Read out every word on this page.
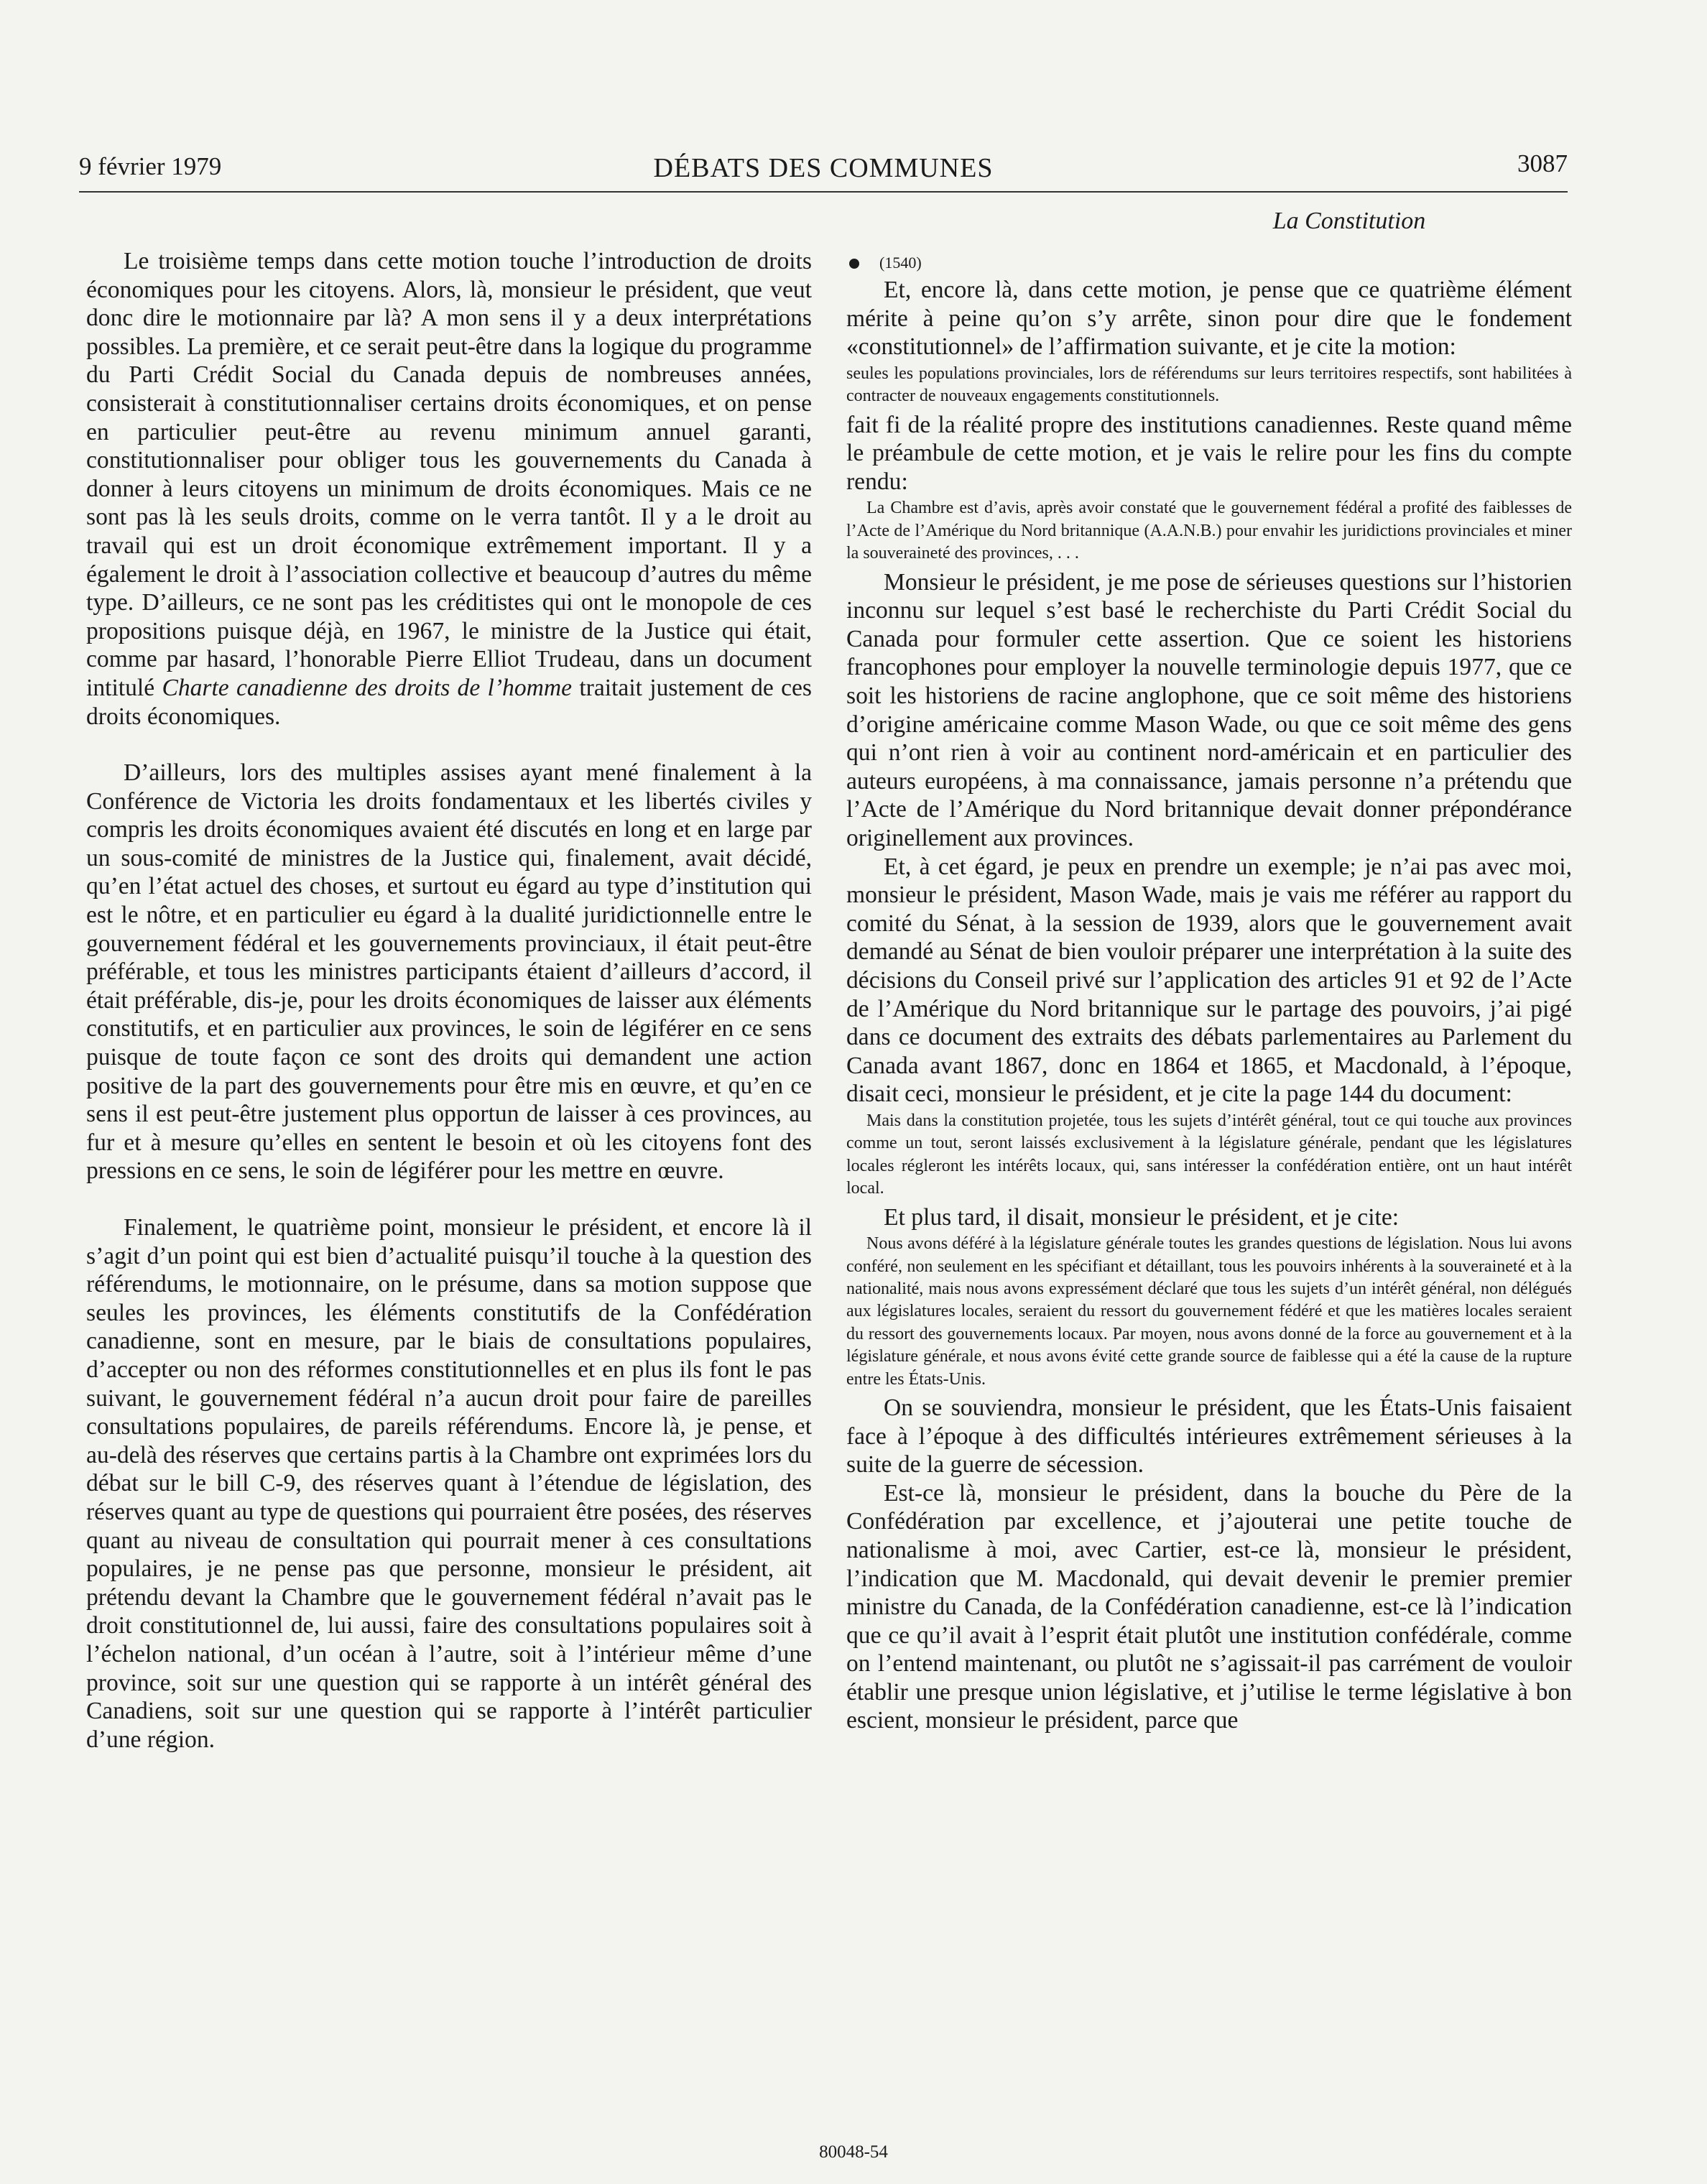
9 février 1979	DÉBATS DES COMMUNES	3087

Le troisième temps dans cette motion touche l’introduction de droits économiques pour les citoyens. Alors, là, monsieur le président, que veut donc dire le motionnaire par là? A mon sens il y a deux interprétations possibles. La première, et ce serait peut-être dans la logique du programme du Parti Crédit Social du Canada depuis de nombreuses années, consisterait à constitutionnaliser certains droits économiques, et on pense en particulier peut-être au revenu minimum annuel garanti, constitutionnaliser pour obliger tous les gouvernements du Canada à donner à leurs citoyens un minimum de droits économiques. Mais ce ne sont pas là les seuls droits, comme on le verra tantôt. Il y a le droit au travail qui est un droit économique extrêmement important. Il y a également le droit à l’association collective et beaucoup d’autres du même type. D’ailleurs, ce ne sont pas les créditistes qui ont le monopole de ces propositions puisque déjà, en 1967, le ministre de la Justice qui était, comme par hasard, l’honorable Pierre Elliot Trudeau, dans un document intitulé Charte canadienne des droits de l’homme traitait justement de ces droits économiques.

D’ailleurs, lors des multiples assises ayant mené finalement à la Conférence de Victoria les droits fondamentaux et les libertés civiles y compris les droits économiques avaient été discutés en long et en large par un sous-comité de ministres de la Justice qui, finalement, avait décidé, qu’en l’état actuel des choses, et surtout eu égard au type d’institution qui est le nôtre, et en particulier eu égard à la dualité juridictionnelle entre le gouvernement fédéral et les gouvernements provinciaux, il était peut-être préférable, et tous les ministres participants étaient d’ailleurs d’accord, il était préférable, dis-je, pour les droits économiques de laisser aux éléments constitutifs, et en particulier aux provinces, le soin de légiférer en ce sens puisque de toute façon ce sont des droits qui demandent une action positive de la part des gouvernements pour être mis en œuvre, et qu’en ce sens il est peut-être justement plus opportun de laisser à ces provinces, au fur et à mesure qu’elles en sentent le besoin et où les citoyens font des pressions en ce sens, le soin de légiférer pour les mettre en œuvre.

Finalement, le quatrième point, monsieur le président, et encore là il s’agit d’un point qui est bien d’actualité puisqu’il touche à la question des référendums, le motionnaire, on le présume, dans sa motion suppose que seules les provinces, les éléments constitutifs de la Confédération canadienne, sont en mesure, par le biais de consultations populaires, d’accepter ou non des réformes constitutionnelles et en plus ils font le pas suivant, le gouvernement fédéral n’a aucun droit pour faire de pareilles consultations populaires, de pareils référendums. Encore là, je pense, et au-delà des réserves que certains partis à la Chambre ont exprimées lors du débat sur le bill C-9, des réserves quant à l’étendue de législation, des réserves quant au type de questions qui pourraient être posées, des réserves quant au niveau de consultation qui pourrait mener à ces consultations populaires, je ne pense pas que personne, monsieur le président, ait prétendu devant la Chambre que le gouvernement fédéral n’avait pas le droit constitutionnel de, lui aussi, faire des consultations populaires soit à l’échelon national, d’un océan à l’autre, soit à l’intérieur même d’une province, soit sur une question qui se rapporte à un intérêt général des Canadiens, soit sur une question qui se rapporte à l’intérêt particulier d’une région.

La Constitution
(1540)

Et, encore là, dans cette motion, je pense que ce quatrième élément mérite à peine qu’on s’y arrête, sinon pour dire que le fondement «constitutionnel» de l’affirmation suivante, et je cite la motion:

seules les populations provinciales, lors de référendums sur leurs territoires respectifs, sont habilitées à contracter de nouveaux engagements constitutionnels.

fait fi de la réalité propre des institutions canadiennes. Reste quand même le préambule de cette motion, et je vais le relire pour les fins du compte rendu:

La Chambre est d’avis, après avoir constaté que le gouvernement fédéral a profité des faiblesses de l’Acte de l’Amérique du Nord britannique (A.A.N.B.) pour envahir les juridictions provinciales et miner la souveraineté des provinces, . . .

Monsieur le président, je me pose de sérieuses questions sur l’historien inconnu sur lequel s’est basé le recherchiste du Parti Crédit Social du Canada pour formuler cette assertion. Que ce soient les historiens francophones pour employer la nouvelle terminologie depuis 1977, que ce soit les historiens de racine anglophone, que ce soit même des historiens d’origine américaine comme Mason Wade, ou que ce soit même des gens qui n’ont rien à voir au continent nord-américain et en particulier des auteurs européens, à ma connaissance, jamais personne n’a prétendu que l’Acte de l’Amérique du Nord britannique devait donner prépondérance originellement aux provinces.

Et, à cet égard, je peux en prendre un exemple; je n’ai pas avec moi, monsieur le président, Mason Wade, mais je vais me référer au rapport du comité du Sénat, à la session de 1939, alors que le gouvernement avait demandé au Sénat de bien vouloir préparer une interprétation à la suite des décisions du Conseil privé sur l’application des articles 91 et 92 de l’Acte de l’Amérique du Nord britannique sur le partage des pouvoirs, j’ai pigé dans ce document des extraits des débats parlementaires au Parlement du Canada avant 1867, donc en 1864 et 1865, et Macdonald, à l’époque, disait ceci, monsieur le président, et je cite la page 144 du document:

Mais dans la constitution projetée, tous les sujets d’intérêt général, tout ce qui touche aux provinces comme un tout, seront laissés exclusivement à la législature générale, pendant que les législatures locales régleront les intérêts locaux, qui, sans intéresser la confédération entière, ont un haut intérêt local.

Et plus tard, il disait, monsieur le président, et je cite:

Nous avons déféré à la législature générale toutes les grandes questions de législation. Nous lui avons conféré, non seulement en les spécifiant et détaillant, tous les pouvoirs inhérents à la souveraineté et à la nationalité, mais nous avons expressément déclaré que tous les sujets d’un intérêt général, non délégués aux législatures locales, seraient du ressort du gouvernement fédéré et que les matières locales seraient du ressort des gouvernements locaux. Par moyen, nous avons donné de la force au gouvernement et à la législature générale, et nous avons évité cette grande source de faiblesse qui a été la cause de la rupture entre les États-Unis.

On se souviendra, monsieur le président, que les États-Unis faisaient face à l’époque à des difficultés intérieures extrêmement sérieuses à la suite de la guerre de sécession.

Est-ce là, monsieur le président, dans la bouche du Père de la Confédération par excellence, et j’ajouterai une petite touche de nationalisme à moi, avec Cartier, est-ce là, monsieur le président, l’indication que M. Macdonald, qui devait devenir le premier premier ministre du Canada, de la Confédération canadienne, est-ce là l’indication que ce qu’il avait à l’esprit était plutôt une institution confédérale, comme on l’entend maintenant, ou plutôt ne s’agissait-il pas carrément de vouloir établir une presque union législative, et j’utilise le terme législative à bon escient, monsieur le président, parce que

80048-54
